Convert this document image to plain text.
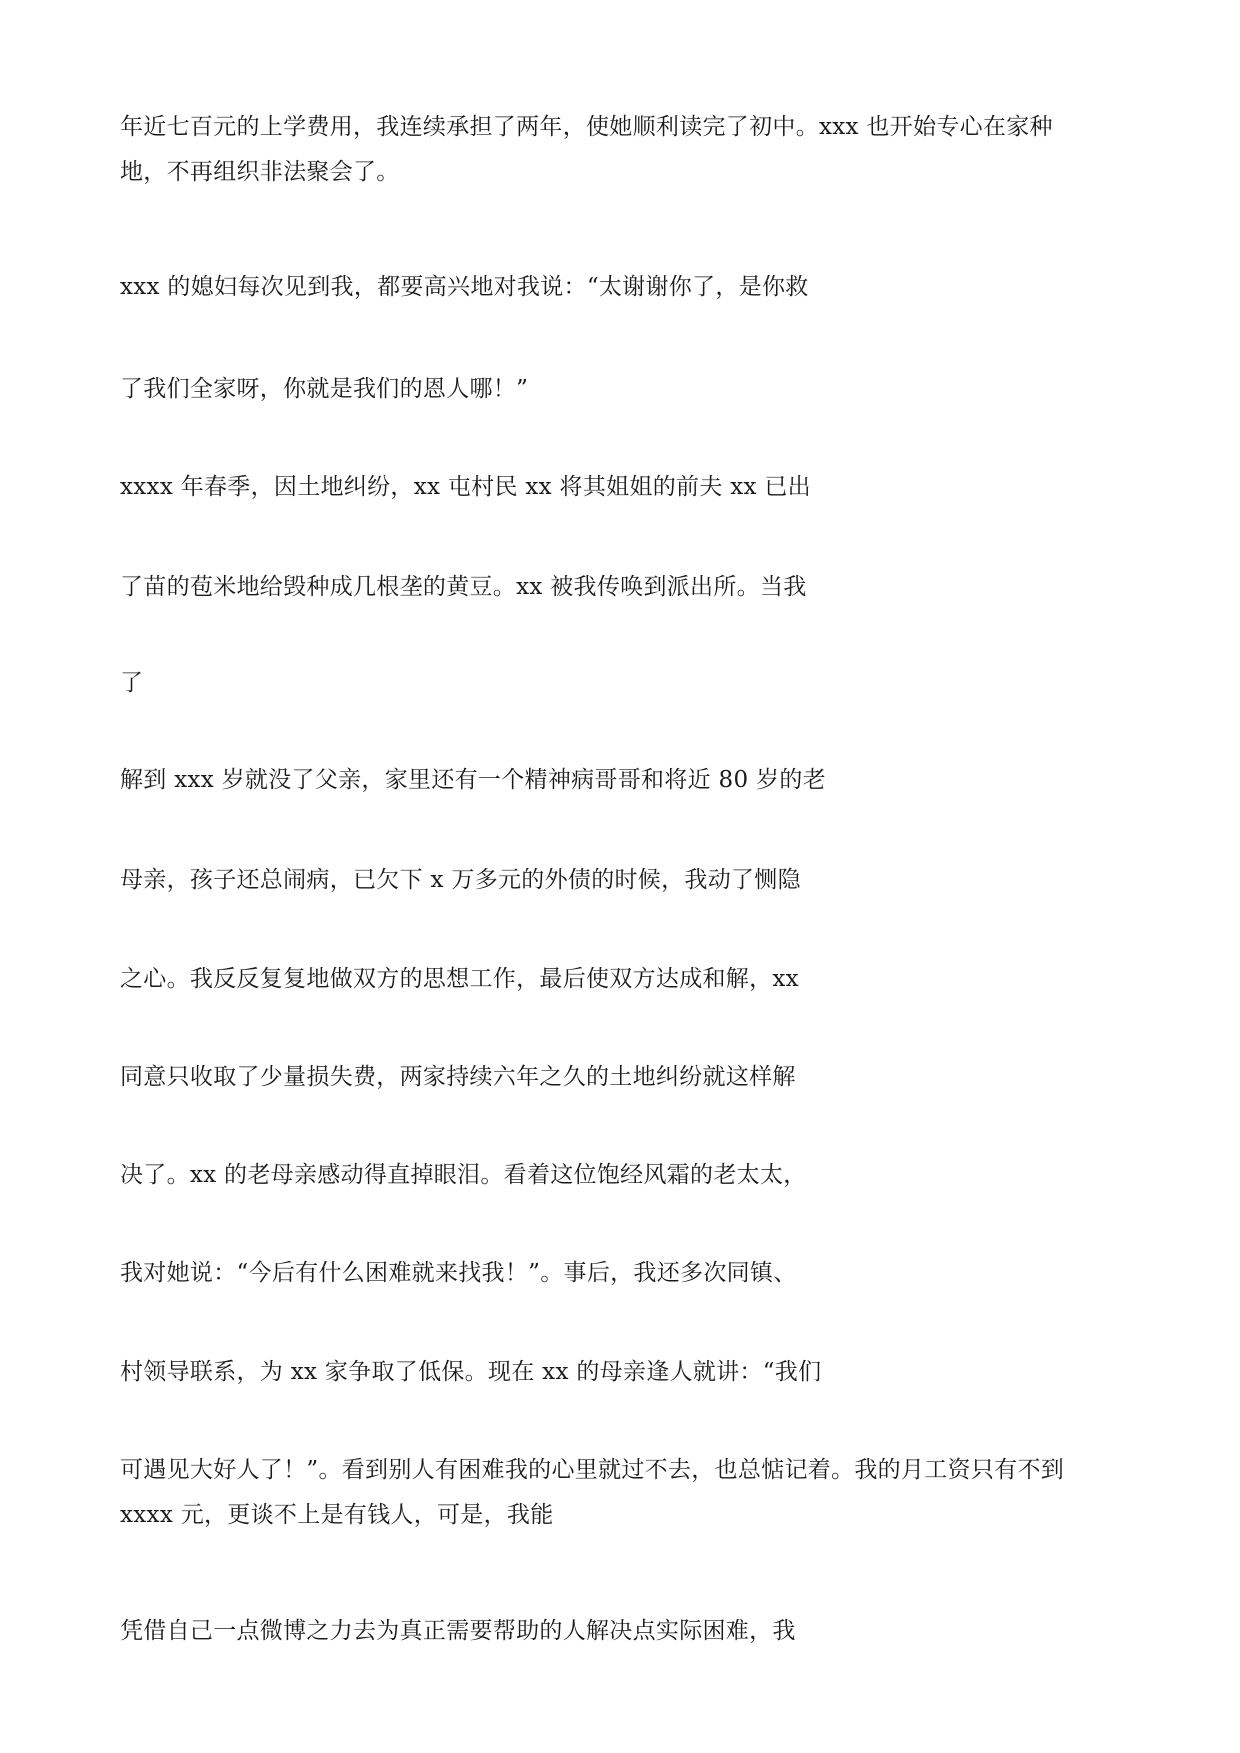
年近七百元的上学费用，我连续承担了两年，使她顺利读完了初中。xxx 也开始专心在家种
地，不再组织非法聚会了。
xxx 的媳妇每次见到我，都要高兴地对我说：“太谢谢你了，是你救
了我们全家呀，你就是我们的恩人哪！”
xxxx 年春季，因土地纠纷，xx 屯村民 xx 将其姐姐的前夫 xx 已出
了苗的苞米地给毁种成几根垄的黄豆。xx 被我传唤到派出所。当我
了
解到 xxx 岁就没了父亲，家里还有一个精神病哥哥和将近 80 岁的老
母亲，孩子还总闹病，已欠下 x 万多元的外债的时候，我动了恻隐
之心。我反反复复地做双方的思想工作，最后使双方达成和解，xx
同意只收取了少量损失费，两家持续六年之久的土地纠纷就这样解
决了。xx 的老母亲感动得直掉眼泪。看着这位饱经风霜的老太太，
我对她说：“今后有什么困难就来找我！”。事后，我还多次同镇、
村领导联系，为 xx 家争取了低保。现在 xx 的母亲逢人就讲：“我们
可遇见大好人了！”。看到别人有困难我的心里就过不去，也总惦记着。我的月工资只有不到
xxxx 元，更谈不上是有钱人，可是，我能
凭借自己一点微博之力去为真正需要帮助的人解决点实际困难，我
